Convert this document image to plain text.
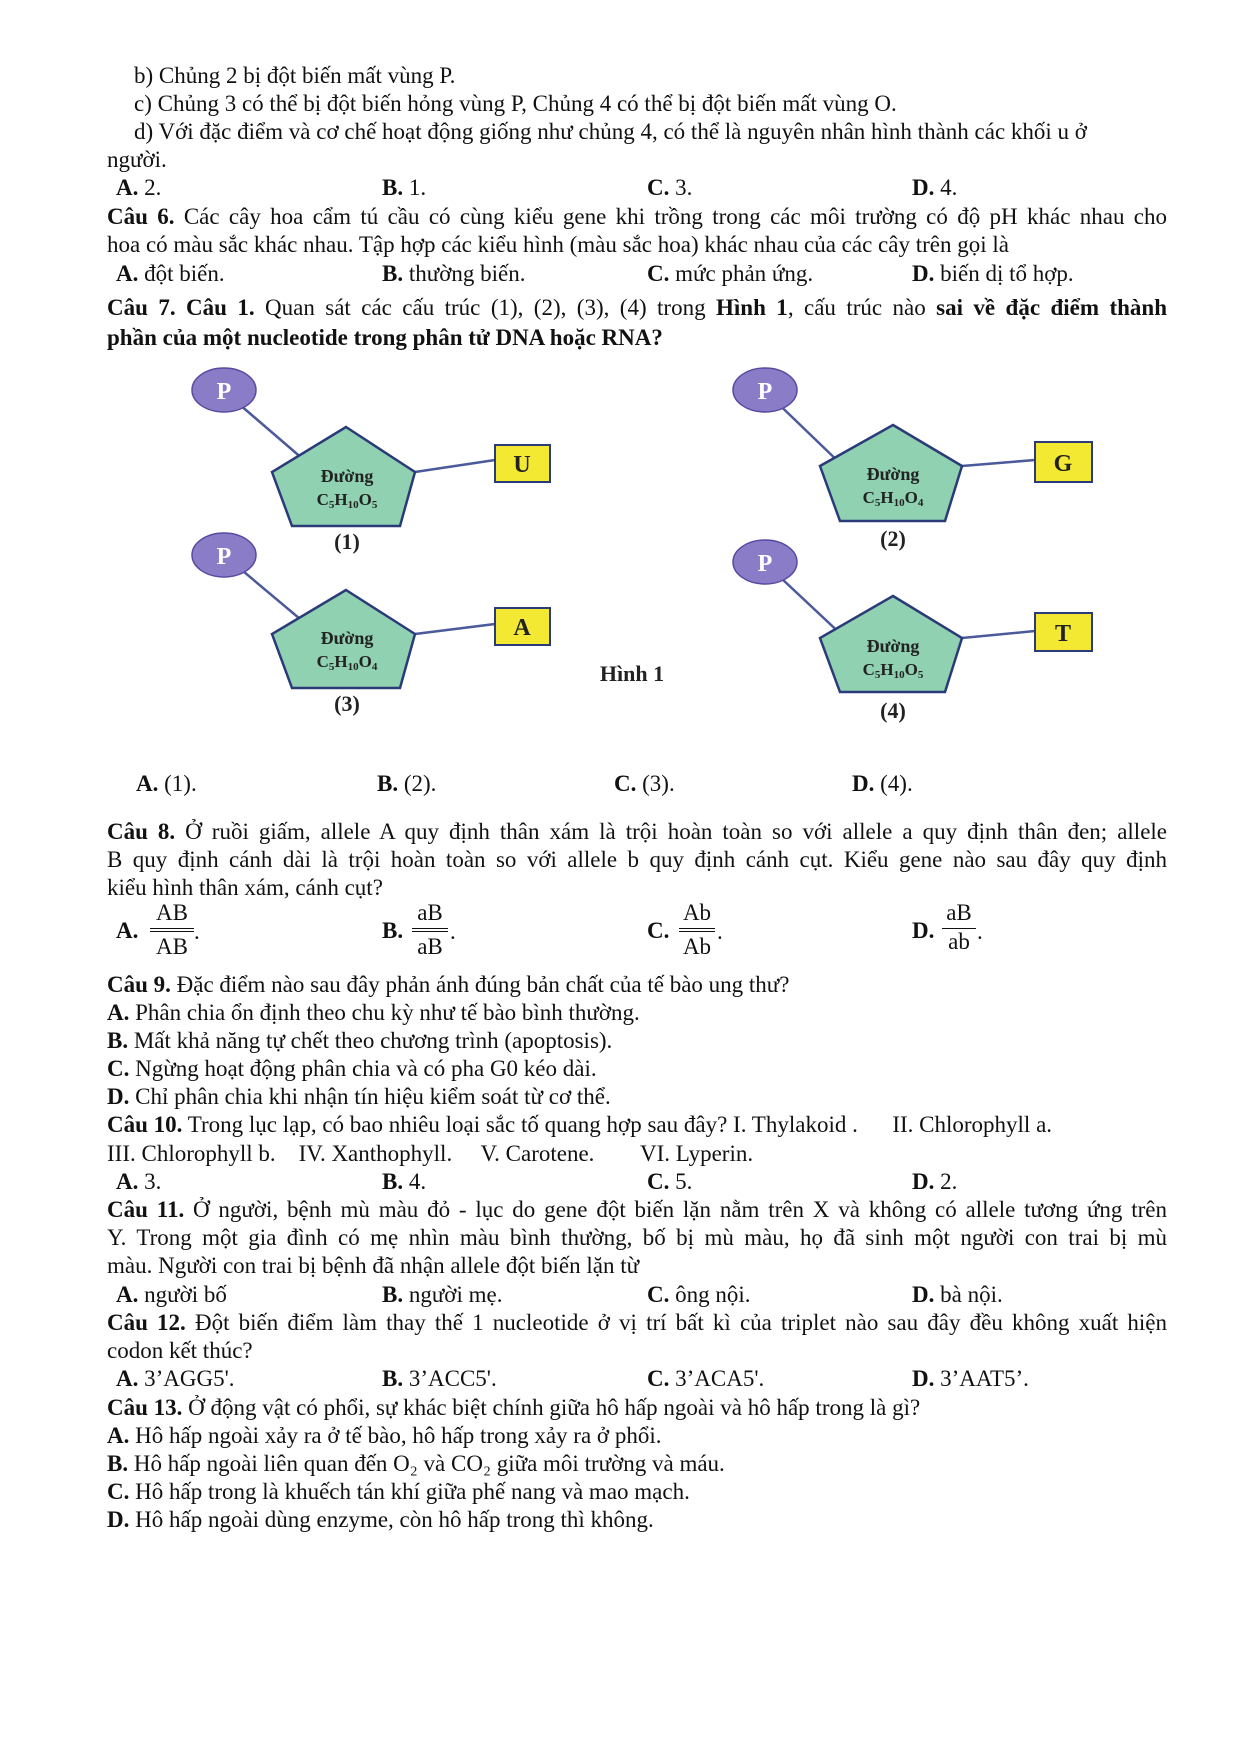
b) Chủng 2 bị đột biến mất vùng P.
c) Chủng 3 có thể bị đột biến hỏng vùng P, Chủng 4 có thể bị đột biến mất vùng O.
d) Với đặc điểm và cơ chế hoạt động giống như chủng 4, có thể là nguyên nhân hình thành các khối u ở
người.
A. 2.	B. 1.	C. 3.	D. 4.
Câu 6. Các cây hoa cẩm tú cầu có cùng kiểu gene khi trồng trong các môi trường có độ pH khác nhau cho
hoa có màu sắc khác nhau. Tập hợp các kiểu hình (màu sắc hoa) khác nhau của các cây trên gọi là
A. đột biến.	B. thường biến.	C. mức phản ứng.	D. biến dị tổ hợp.
Câu 7. Câu 1. Quan sát các cấu trúc (1), (2), (3), (4) trong Hình 1, cấu trúc nào sai về đặc điểm thành
phần của một nucleotide trong phân tử DNA hoặc RNA?
P
Đường
C5H10O5
U
(1)
P
Đường
C5H10O4
G
(2)
P
Đường
C5H10O4
A
(3)
P
Đường
C5H10O5
T
(4)
Hình 1
A. (1).	B. (2).	C. (3).	D. (4).
Câu 8. Ở ruồi giấm, allele A quy định thân xám là trội hoàn toàn so với allele a quy định thân đen; allele
B quy định cánh dài là trội hoàn toàn so với allele b quy định cánh cụt. Kiểu gene nào sau đây quy định
kiểu hình thân xám, cánh cụt?
A.
AB
AB
.	B.
aB
aB
.	C.
Ab
Ab
.	D.
aB
ab .
Câu 9. Đặc điểm nào sau đây phản ánh đúng bản chất của tế bào ung thư?
A. Phân chia ổn định theo chu kỳ như tế bào bình thường.
B. Mất khả năng tự chết theo chương trình (apoptosis).
C. Ngừng hoạt động phân chia và có pha G0 kéo dài.
D. Chỉ phân chia khi nhận tín hiệu kiểm soát từ cơ thể.
Câu 10. Trong lục lạp, có bao nhiêu loại sắc tố quang hợp sau đây? I. Thylakoid .      II. Chlorophyll a.
III. Chlorophyll b.    IV. Xanthophyll.     V. Carotene.        VI. Lyperin.
A. 3.	B. 4.	C. 5.	D. 2.
Câu 11. Ở người, bệnh mù màu đỏ - lục do gene đột biến lặn nằm trên X và không có allele tương ứng trên
Y. Trong một gia đình có mẹ nhìn màu bình thường, bố bị mù màu, họ đã sinh một người con trai bị mù
màu. Người con trai bị bệnh đã nhận allele đột biến lặn từ
A. người bố	B. người mẹ.	C. ông nội.	D. bà nội.
Câu 12. Đột biến điểm làm thay thế 1 nucleotide ở vị trí bất kì của triplet nào sau đây đều không xuất hiện
codon kết thúc?
A. 3’AGG5'.	B. 3’ACC5'.	C. 3’ACA5'.	D. 3’AAT5’.
Câu 13. Ở động vật có phổi, sự khác biệt chính giữa hô hấp ngoài và hô hấp trong là gì?
A. Hô hấp ngoài xảy ra ở tế bào, hô hấp trong xảy ra ở phổi.
B. Hô hấp ngoài liên quan đến O₂ và CO₂ giữa môi trường và máu.
C. Hô hấp trong là khuếch tán khí giữa phế nang và mao mạch.
D. Hô hấp ngoài dùng enzyme, còn hô hấp trong thì không.
